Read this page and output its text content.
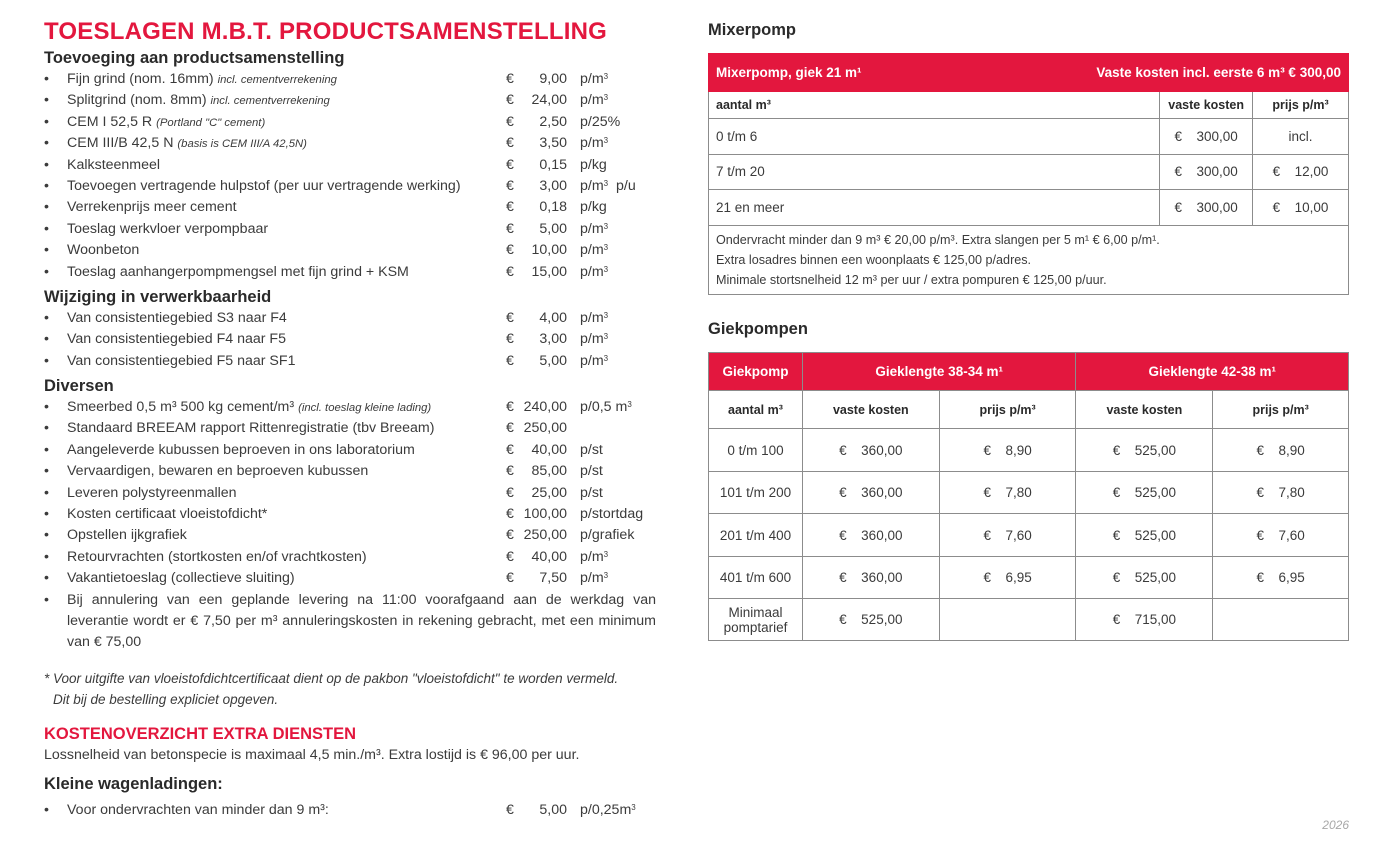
TOESLAGEN M.B.T. PRODUCTSAMENSTELLING
Toevoeging aan productsamenstelling
• Fijn grind (nom. 16mm) incl. cementverrekening	€	9,00 $p/m^3$
• Splitgrind (nom. 8mm) incl. cementverrekening	€	24,00 $p/m^3$
• CEM I 52,5 R (Portland "C" cement)	€	2,50 p/25%
• CEM III/B 42,5 N (basis is CEM III/A 42,5N)	€	3,50 $p/m^3$
• Kalksteenmeel	€	0,15 p/kg
• Toevoegen vertragende hulpstof (per uur vertragende werking)	€	3,00 $p/m^3$  p/u
• Verrekenprijs meer cement	€	0,18 p/kg
• Toeslag werkvloer verpompbaar	€	5,00 $p/m^3$
• Woonbeton	€	10,00 $p/m^3$
• Toeslag aanhangerpompmengsel met fijn grind + KSM	€	15,00 $p/m^3$
Wijziging in verwerkbaarheid
• Van consistentiegebied S3 naar F4	€	4,00 $p/m^3$
• Van consistentiegebied F4 naar F5	€	3,00 $p/m^3$
• Van consistentiegebied F5 naar SF1	€	5,00 $p/m^3$
Diversen
• Smeerbed 0,5 m³ 500 kg cement/m³ (incl. toeslag kleine lading)	€ 240,00 p/0,5 $m^3$
• Standaard BREEAM rapport Rittenregistratie (tbv Breeam)	€ 250,00
• Aangeleverde kubussen beproeven in ons laboratorium	€	40,00 p/st
• Vervaardigen, bewaren en beproeven kubussen	€	85,00 p/st
• Leveren polystyreenmallen	€	25,00 p/st
• Kosten certificaat vloeistofdicht*	€ 100,00 p/stortdag
• Opstellen ijkgrafiek	€ 250,00 p/grafiek
• Retourvrachten (stortkosten en/of vrachtkosten)	€	40,00 $p/m^3$
• Vakantietoeslag (collectieve sluiting)	€	7,50 $p/m^3$
• Bij annulering van een geplande levering na 11:00 voorafgaand aan de werkdag van leverantie wordt er € 7,50 per m³ annuleringskosten in rekening gebracht, met een minimum van € 75,00
* Voor uitgifte van vloeistofdichtcertificaat dient op de pakbon "vloeistofdicht" te worden vermeld.
Dit bij de bestelling expliciet opgeven.
KOSTENOVERZICHT EXTRA DIENSTEN

Lossnelheid van betonspecie is maximaal 4,5 min./m³. Extra lostijd is € 96,00 per uur.

Kleine wagenladingen:
• Voor ondervrachten van minder dan 9 m³:	€	5,00 $p/0,25m^3$
Mixerpomp
Mixerpomp, giek 21 m¹ Vaste kosten incl. eerste 6 m³ € 300,00		

aantal m³	vaste kosten	prijs p/m³
0 t/m 6	€ 300,00	incl.
7 t/m 20	€ 300,00	€ 12,00
21 en meer	€ 300,00	€ 10,00

Ondervracht minder dan 9 m³ € 20,00 p/m³. Extra slangen per 5 m¹ € 6,00 p/m¹.
Extra losadres binnen een woonplaats € 125,00 p/adres.
Minimale stortsnelheid 12 m³ per uur / extra pompuren € 125,00 p/uur.		
Giekpompen
Giekpomp	Gieklengte 38-34 m¹		Gieklengte 42-38 m¹	
aantal m³	vaste kosten	prijs p/m³	vaste kosten	prijs p/m³
0 t/m 100	€ 360,00	€ 8,90	€ 525,00	€ 8,90
101 t/m 200	€ 360,00	€ 7,80	€ 525,00	€ 7,80
201 t/m 400	€ 360,00	€ 7,60	€ 525,00	€ 7,60
401 t/m 600	€ 360,00	€ 6,95	€ 525,00	€ 6,95

Minimaal
pomptarief	€ 525,00		€ 715,00	
2026
